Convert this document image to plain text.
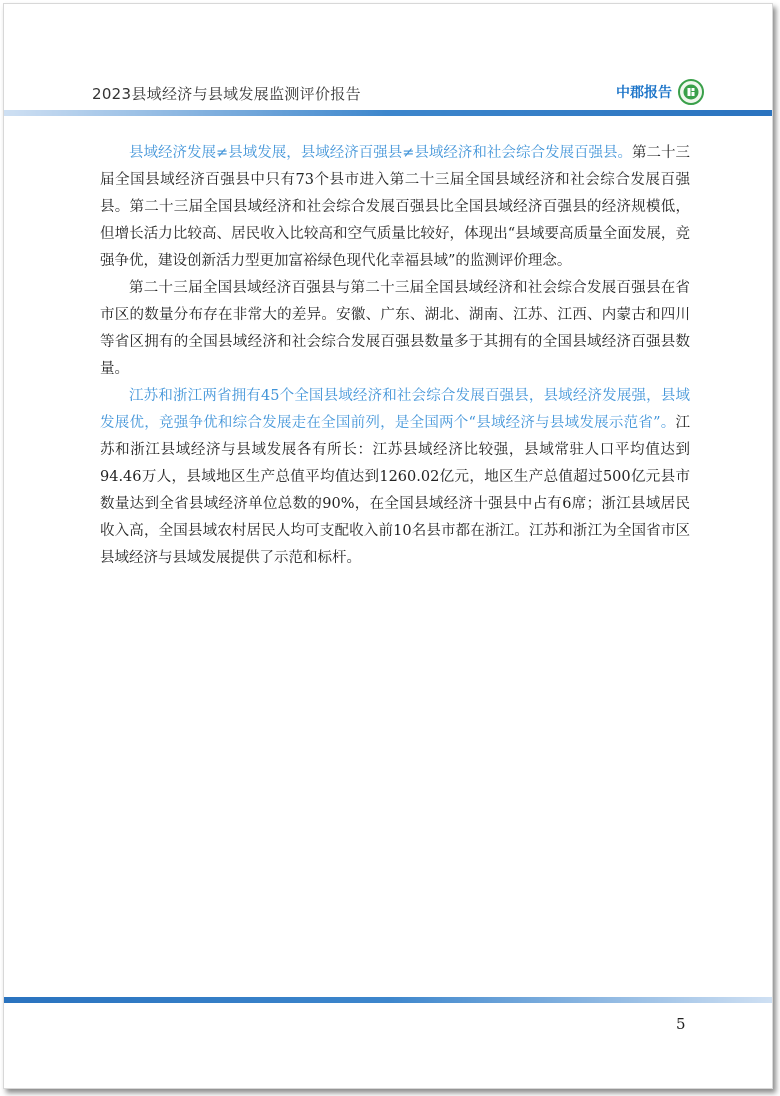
2023县域经济与县域发展监测评价报告	中郡报告

县域经济发展≠县域发展，县域经济百强县≠县域经济和社会综合发展百强县。第二十三届全国县域经济百强县中只有73个县市进入第二十三届全国县域经济和社会综合发展百强县。第二十三届全国县域经济和社会综合发展百强县比全国县域经济百强县的经济规模低，但增长活力比较高、居民收入比较高和空气质量比较好，体现出“县域要高质量全面发展，竞强争优，建设创新活力型更加富裕绿色现代化幸福县域”的监测评价理念。

第二十三届全国县域经济百强县与第二十三届全国县域经济和社会综合发展百强县在省市区的数量分布存在非常大的差异。安徽、广东、湖北、湖南、江苏、江西、内蒙古和四川等省区拥有的全国县域经济和社会综合发展百强县数量多于其拥有的全国县域经济百强县数量。

江苏和浙江两省拥有45个全国县域经济和社会综合发展百强县，县域经济发展强，县域发展优，竞强争优和综合发展走在全国前列，是全国两个“县域经济与县域发展示范省”。江苏和浙江县域经济与县域发展各有所长：江苏县域经济比较强，县域常驻人口平均值达到94.46万人，县域地区生产总值平均值达到1260.02亿元，地区生产总值超过500亿元县市数量达到全省县域经济单位总数的90%，在全国县域经济十强县中占有6席；浙江县域居民收入高，全国县域农村居民人均可支配收入前10名县市都在浙江。江苏和浙江为全国省市区县域经济与县域发展提供了示范和标杆。

5
